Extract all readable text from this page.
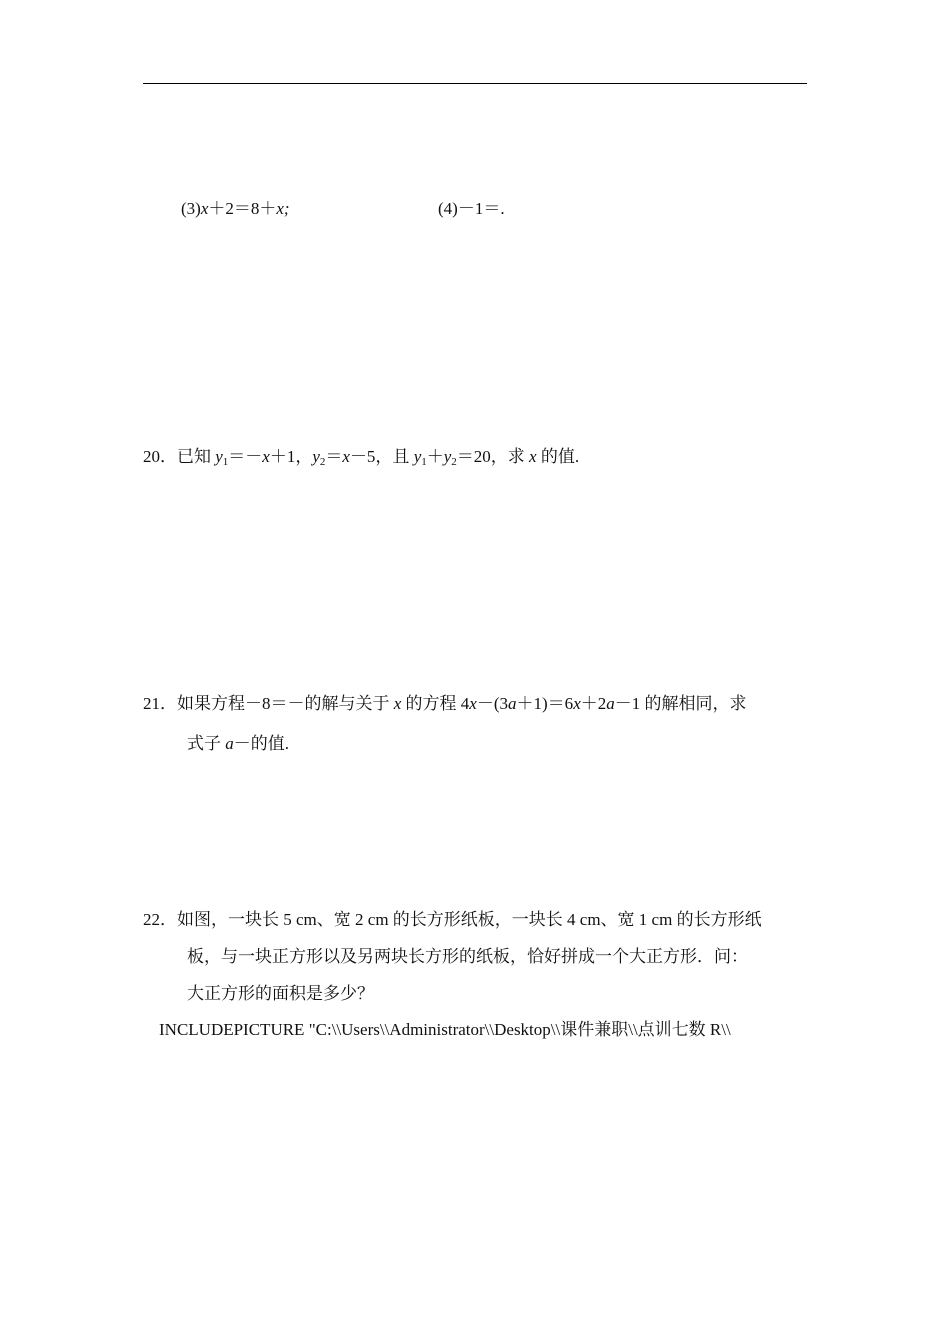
(3)x＋2＝8＋x;	(4)－1＝.
20．已知 $y_1=-x+1$，$y_2=x-5$，且 $y_1+y_2=20$，求 x 的值.
21．如果方程－8＝－的解与关于 x 的方程 4x－(3a＋1)＝6x＋2a－1 的解相同，求
式子 a－的值.
22．如图，一块长 5 cm、宽 2 cm 的长方形纸板，一块长 4 cm、宽 1 cm 的长方形纸
板，与一块正方形以及另两块长方形的纸板，恰好拼成一个大正方形．问：
大正方形的面积是多少？
INCLUDEPICTURE "C:\\Users\\Administrator\\Desktop\\课件兼职\\点训七数 R\\
